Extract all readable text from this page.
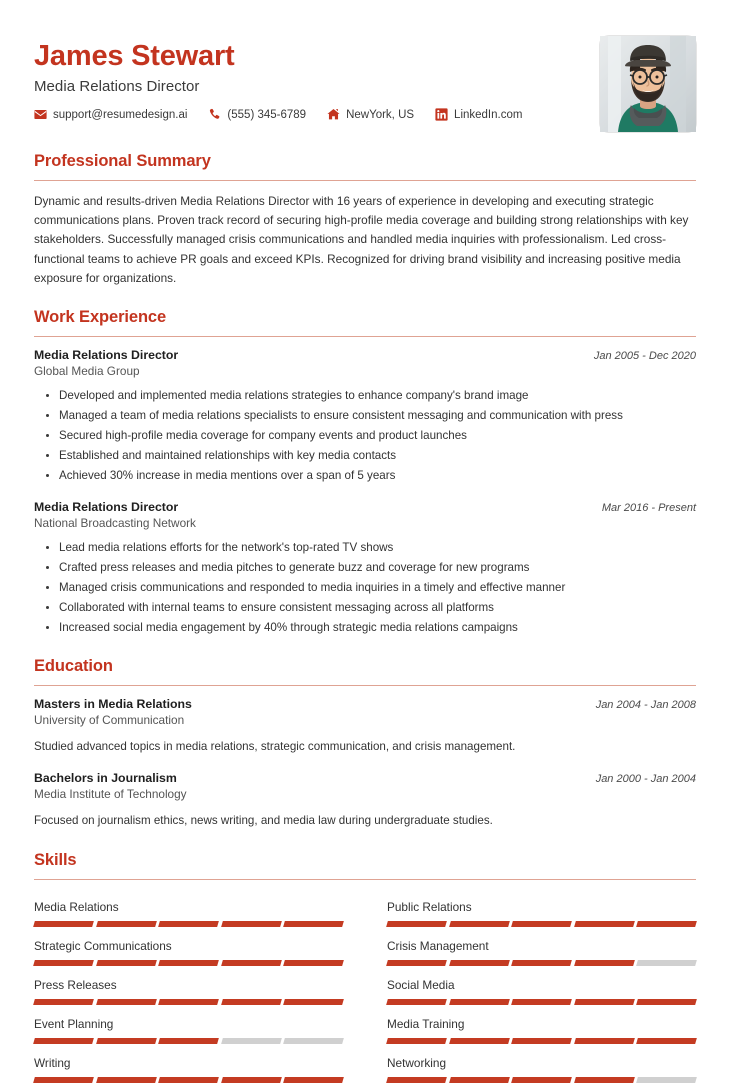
James Stewart
Media Relations Director
support@resumedesign.ai	(555) 345-6789	NewYork, US	LinkedIn.com
Professional Summary

Dynamic and results-driven Media Relations Director with 16 years of experience in developing and executing strategic communications plans. Proven track record of securing high-profile media coverage and building strong relationships with key stakeholders. Successfully managed crisis communications and handled media inquiries with professionalism. Led cross-functional teams to achieve PR goals and exceed KPIs. Recognized for driving brand visibility and increasing positive media exposure for organizations.

Work Experience
Media Relations Director	Jan 2005 - Dec 2020
Global Media Group
Developed and implemented media relations strategies to enhance company's brand image
Managed a team of media relations specialists to ensure consistent messaging and communication with press
Secured high-profile media coverage for company events and product launches
Established and maintained relationships with key media contacts
Achieved 30% increase in media mentions over a span of 5 years
Media Relations Director	Mar 2016 - Present
National Broadcasting Network
Lead media relations efforts for the network's top-rated TV shows
Crafted press releases and media pitches to generate buzz and coverage for new programs
Managed crisis communications and responded to media inquiries in a timely and effective manner
Collaborated with internal teams to ensure consistent messaging across all platforms
Increased social media engagement by 40% through strategic media relations campaigns
Education
Masters in Media Relations	Jan 2004 - Jan 2008
University of Communication
Studied advanced topics in media relations, strategic communication, and crisis management.
Bachelors in Journalism	Jan 2000 - Jan 2004
Media Institute of Technology
Focused on journalism ethics, news writing, and media law during undergraduate studies.
Skills
Media Relations	Public Relations
Strategic Communications	Crisis Management
Press Releases	Social Media
Event Planning	Media Training
Writing	Networking
